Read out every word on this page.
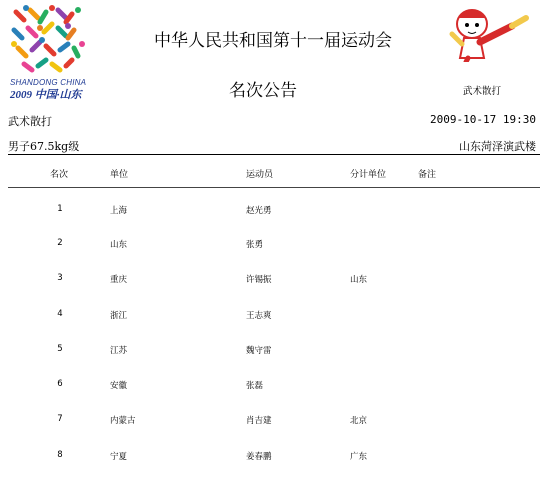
SHANDONG CHINA
2009 中国·山东	武术散打
中华人民共和国第十一届运动会
名次公告
武术散打	2009-10-17 19:30
男子67.5kg级	山东菏泽演武楼
名次	单位	运动员	分计单位	备注
1	上海	赵光勇
2	山东	张勇
3	重庆	许锡振	山东
4	浙江	王志爽
5	江苏	魏守雷
6	安徽	张磊
7	内蒙古	肖吉建	北京
8	宁夏	姜春鹏	广东
